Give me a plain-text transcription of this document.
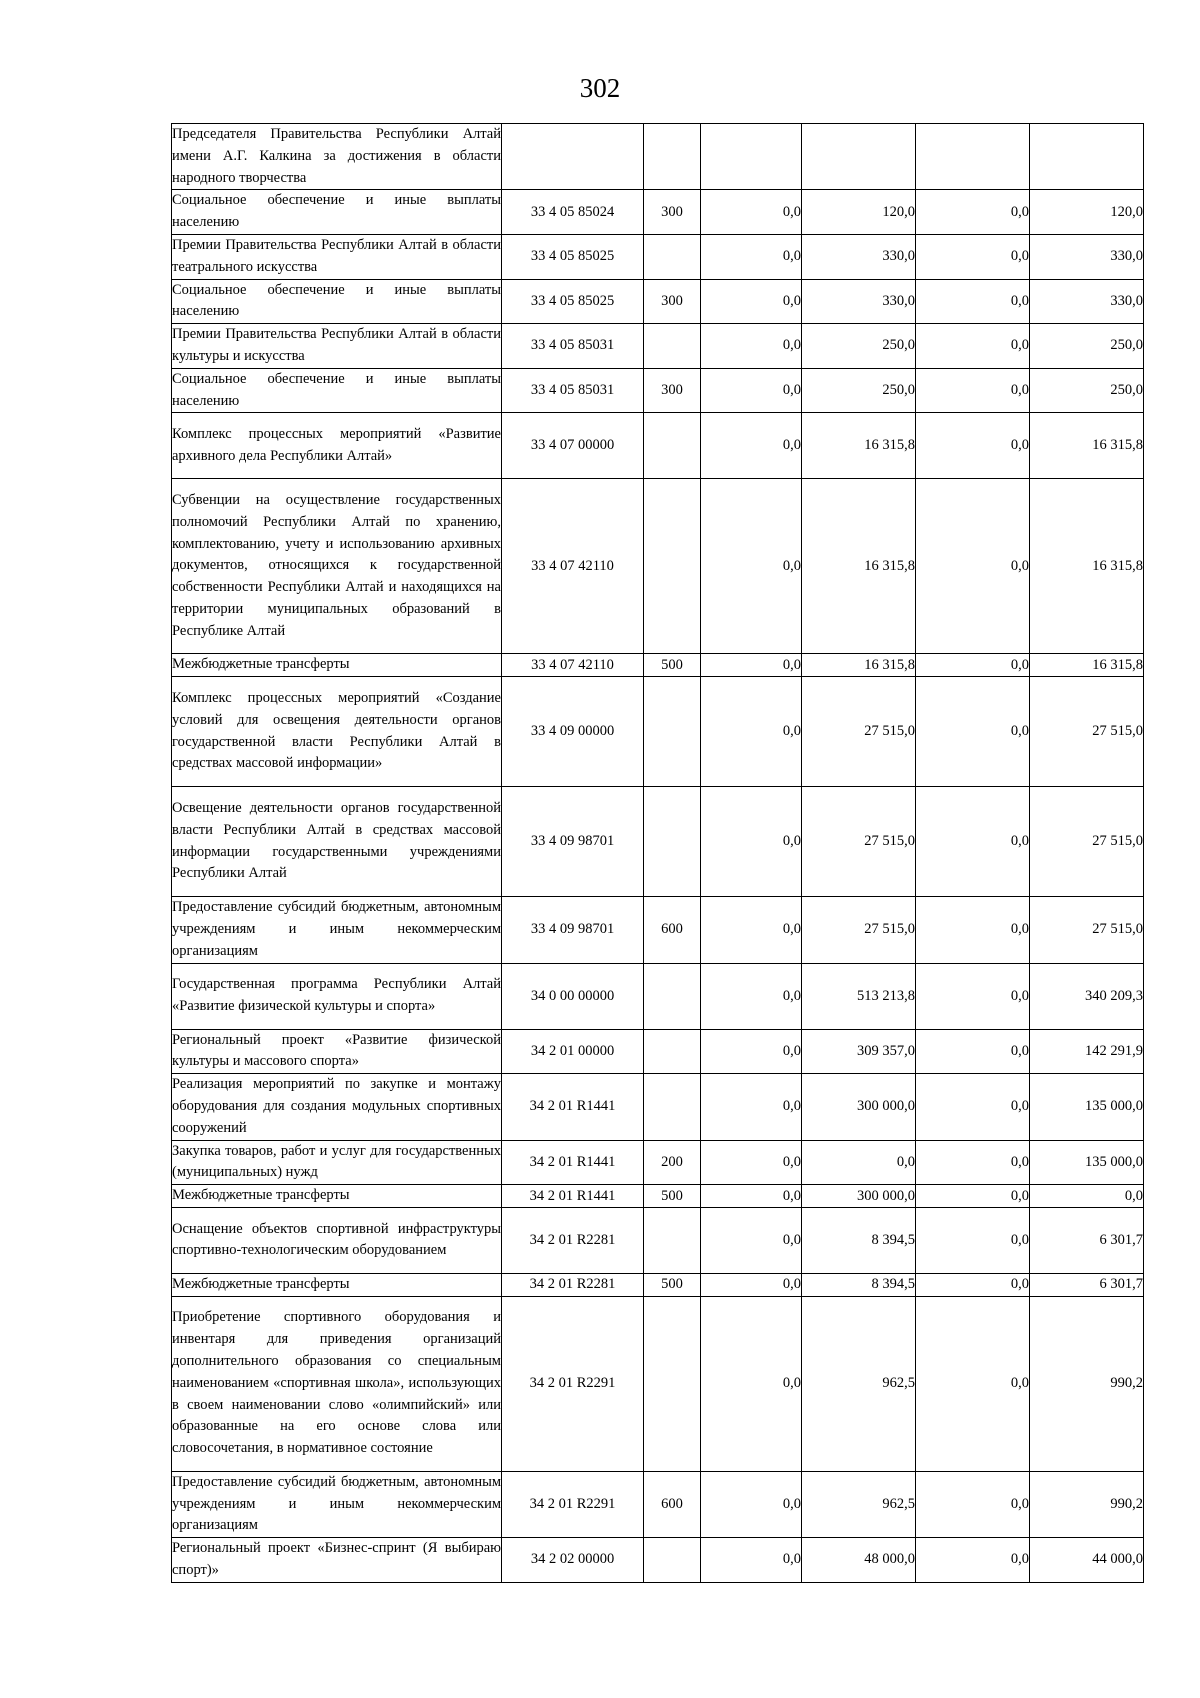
302
Председателя Правительства Республики Алтай имени А.Г. Калкина за достижения в области народного творчества						
Социальное обеспечение и иные выплаты населению	33 4 05 85024	300	0,0	120,0	0,0	120,0
Премии Правительства Республики Алтай в области театрального искусства	33 4 05 85025		0,0	330,0	0,0	330,0
Социальное обеспечение и иные выплаты населению	33 4 05 85025	300	0,0	330,0	0,0	330,0
Премии Правительства Республики Алтай в области культуры и искусства	33 4 05 85031		0,0	250,0	0,0	250,0
Социальное обеспечение и иные выплаты населению	33 4 05 85031	300	0,0	250,0	0,0	250,0
Комплекс процессных мероприятий «Развитие архивного дела Республики Алтай»	33 4 07 00000		0,0	16 315,8	0,0	16 315,8
Субвенции на осуществление государственных полномочий Республики Алтай по хранению, комплектованию, учету и использованию архивных документов, относящихся к государственной собственности Республики Алтай и находящихся на территории муниципальных образований в Республике Алтай	33 4 07 42110		0,0	16 315,8	0,0	16 315,8
Межбюджетные трансферты	33 4 07 42110	500	0,0	16 315,8	0,0	16 315,8
Комплекс процессных мероприятий «Создание условий для освещения деятельности органов государственной власти Республики Алтай в средствах массовой информации»	33 4 09 00000		0,0	27 515,0	0,0	27 515,0
Освещение деятельности органов государственной власти Республики Алтай в средствах массовой информации государственными учреждениями Республики Алтай	33 4 09 98701		0,0	27 515,0	0,0	27 515,0
Предоставление субсидий бюджетным, автономным учреждениям и иным некоммерческим организациям	33 4 09 98701	600	0,0	27 515,0	0,0	27 515,0
Государственная программа Республики Алтай «Развитие физической культуры и спорта»	34 0 00 00000		0,0	513 213,8	0,0	340 209,3
Региональный проект «Развитие физической культуры и массового спорта»	34 2 01 00000		0,0	309 357,0	0,0	142 291,9
Реализация мероприятий по закупке и монтажу оборудования для создания модульных спортивных сооружений	34 2 01 R1441		0,0	300 000,0	0,0	135 000,0
Закупка товаров, работ и услуг для государственных (муниципальных) нужд	34 2 01 R1441	200	0,0	0,0	0,0	135 000,0
Межбюджетные трансферты	34 2 01 R1441	500	0,0	300 000,0	0,0	0,0
Оснащение объектов спортивной инфраструктуры спортивно-технологическим оборудованием	34 2 01 R2281		0,0	8 394,5	0,0	6 301,7
Межбюджетные трансферты	34 2 01 R2281	500	0,0	8 394,5	0,0	6 301,7
Приобретение спортивного оборудования и инвентаря для приведения организаций дополнительного образования со специальным наименованием «спортивная школа», использующих в своем наименовании слово «олимпийский» или образованные на его основе слова или словосочетания, в нормативное состояние	34 2 01 R2291		0,0	962,5	0,0	990,2
Предоставление субсидий бюджетным, автономным учреждениям и иным некоммерческим организациям	34 2 01 R2291	600	0,0	962,5	0,0	990,2
Региональный проект «Бизнес-спринт (Я выбираю спорт)»	34 2 02 00000		0,0	48 000,0	0,0	44 000,0
